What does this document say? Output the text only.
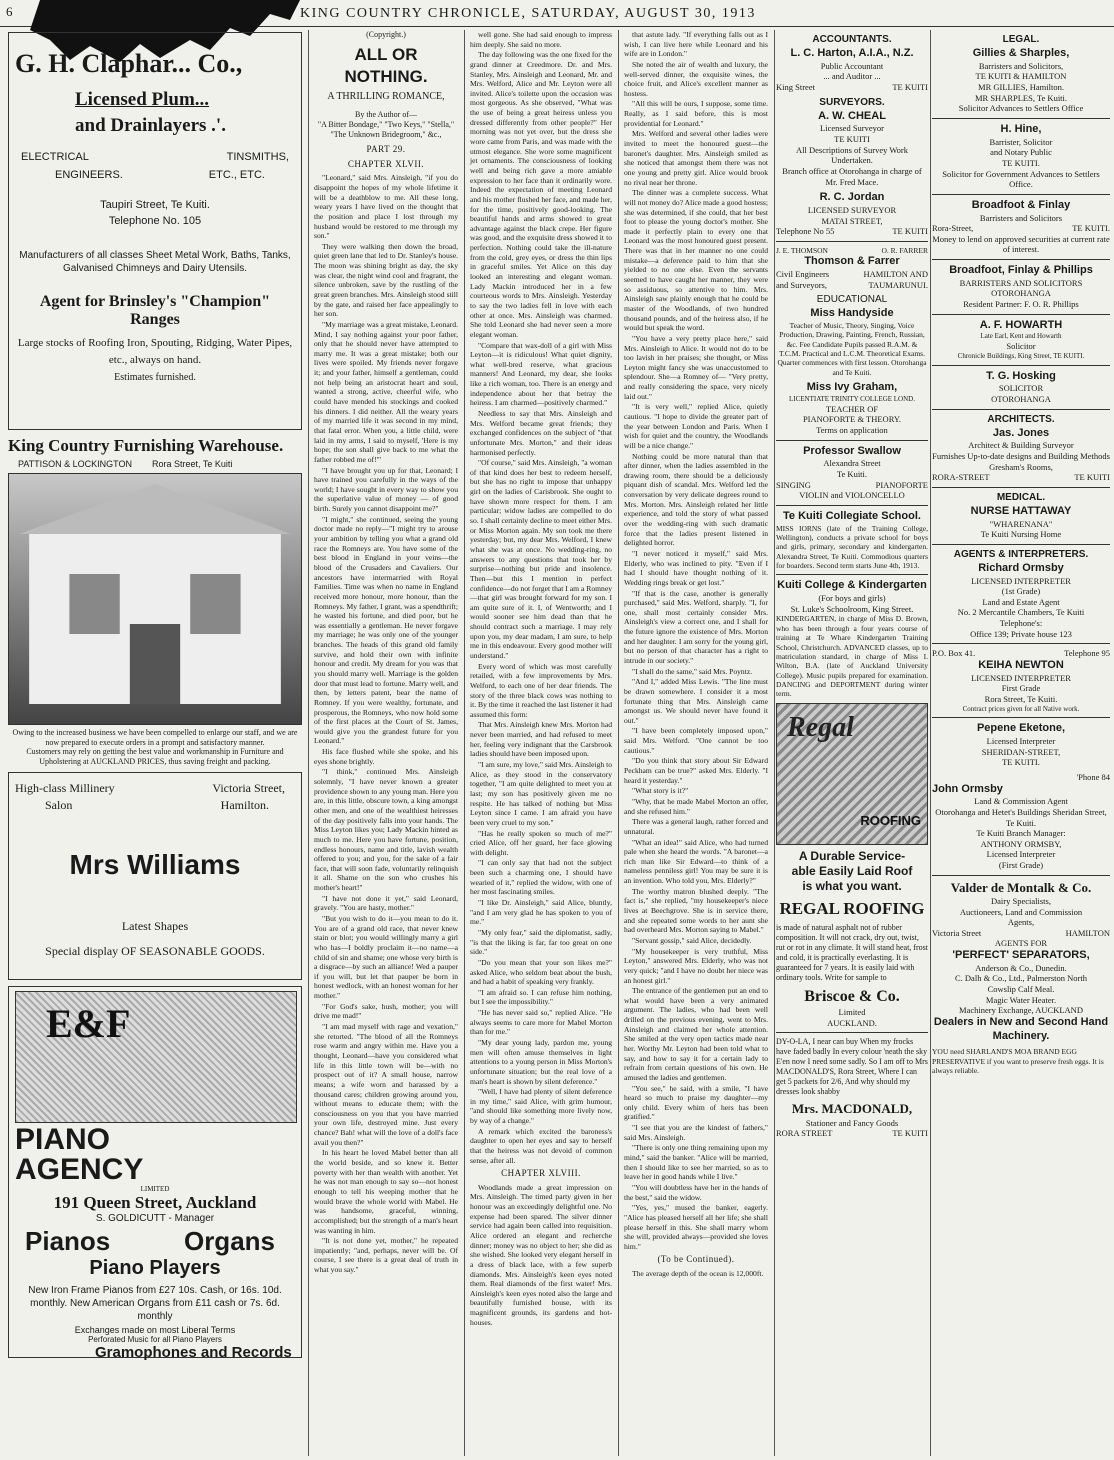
6	KING COUNTRY CHRONICLE, SATURDAY, AUGUST 30, 1913
G. H. Claphar... Co.,
Licensed Plum...
and Drainlayers .'.
ELECTRICAL	TINSMITHS,
ENGINEERS.	ETC., ETC.
Taupiri Street, Te Kuiti.
Telephone No. 105
Manufacturers of all classes Sheet Metal Work, Baths, Tanks, Galvanised Chimneys and Dairy Utensils.
Agent for Brinsley's "Champion" Ranges
Large stocks of Roofing Iron, Spouting, Ridging, Water Pipes, etc., always on hand.
Estimates furnished.
King Country Furnishing Warehouse.
PATTISON & LOCKINGTON Rora Street, Te Kuiti
Owing to the increased business we have been compelled to enlarge our staff, and we are now prepared to execute orders in a prompt and satisfactory manner.
Customers may rely on getting the best value and workmanship in Furniture and Upholstering at AUCKLAND PRICES, thus saving freight and packing.
High-class Millinery	Victoria Street,
Salon	Hamilton.
Mrs Williams
Latest Shapes
Special display OF SEASONABLE GOODS.
E&F
PIANO
AGENCY
LIMITED
191 Queen Street, Auckland
S. GOLDICUTT - Manager
Pianos	Organs
Piano Players
New Iron Frame Pianos from £27 10s. Cash, or 16s. 10d. monthly. New American Organs from £11 cash or 7s. 6d. monthly
Exchanges made on most Liberal Terms
Perforated Music for all Piano Players
Gramophones and Records
(Copyright.)
ALL OR NOTHING.
A THRILLING ROMANCE,
By the Author of—
"A Bitter Bondage," "Two Keys," "Stella," "The Unknown Bridegroom," &c.,
PART 29.
CHAPTER XLVII.

"Leonard," said Mrs. Ainsleigh, "if you do disappoint the hopes of my whole lifetime it will be a deathblow to me. All these long, weary years I have lived on the thought that the position and place I lost through my husband would be restored to me through my son."

They were walking then down the broad, quiet green lane that led to Dr. Stanley's house. The moon was shining bright as day, the sky was clear, the night wind cool and fragrant, the silence unbroken, save by the rustling of the great green branches. Mrs. Ainsleigh stood still by the gate, and raised her face appealingly to her son.

"My marriage was a great mistake, Leonard. Mind, I say nothing against your poor father, only that he should never have attempted to marry me. It was a great mistake; both our lives were spoiled. My friends never forgave it; and your father, himself a gentleman, could not help being an aristocrat heart and soul, wanted a strong, active, cheerful wife, who could have mended his stockings and cooked his dinners. I did neither. All the weary years of my married life it was second in my mind, that fatal error. When you, a little child, were laid in my arms, I said to myself, 'Here is my hope; the son shall give back to me what the father robbed me of!'"

"I have brought you up for that, Leonard; I have trained you carefully in the ways of the world; I have sought in every way to show you the superlative value of money — of good birth. Surely you cannot disappoint me?"

"I might," she continued, seeing the young doctor made no reply—"I might try to arouse your ambition by telling you what a grand old race the Romneys are. You have some of the best blood in England in your veins—the blood of the Crusaders and Cavaliers. Our ancestors have intermarried with Royal Families. Time was when no name in England received more honour, more honour, than the Romneys. My father, I grant, was a spendthrift; he wasted his fortune, and died poor, but he was essentially a gentleman. He never forgave my marriage; he was only one of the younger branches. The heads of this grand old family survive, and hold their own with infinite honour and credit. My dream for you was that you should marry well. Marriage is the golden door that must lead to fortune. Marry well, and then, by letters patent, bear the name of Romney. If you were wealthy, fortunate, and prosperous, the Romneys, who now hold some of the first places at the Court of St. James, would give you the grandest future for you Leonard."

His face flushed while she spoke, and his eyes shone brightly.

"I think," continued Mrs. Ainsleigh solemnly, "I have never known a greater providence shown to any young man. Here you are, in this little, obscure town, a king amongst other men, and one of the wealthiest heiresses of the day positively falls into your hands. The Miss Leyton likes you; Lady Mackin hinted as much to me. Here you have fortune, position, endless honours, name and title, lavish wealth offered to you; and you, for the sake of a fair face, that will soon fade, voluntarily relinquish it all. Shame on the son who crushes his mother's heart!"

"I have not done it yet," said Leonard, gravely. "You are hasty, mother."

"But you wish to do it—you mean to do it. You are of a grand old race, that never knew stain or blot; you would willingly marry a girl who has—I boldly proclaim it—no name—a child of sin and shame; one whose very birth is a disgrace—by such an alliance! Wed a pauper if you will, but let that pauper be born in honest wedlock, with an honest woman for her mother."

"For God's sake, hush, mother; you will drive me mad!"

"I am mad myself with rage and vexation," she retorted. "The blood of all the Romneys rose warm and angry within me. Have you a thought, Leonard—have you considered what life in this little town will be—with no prospect out of it? A small house, narrow means; a wife worn and harassed by a thousand cares; children growing around you, without means to educate them; with the consciousness on you that you have married your own life, destroyed mine. Just every chance? Bah! what will the love of a doll's face avail you then?"

In his heart he loved Mabel better than all the world beside, and so knew it. Better poverty with her than wealth with another. Yet he was not man enough to say so—not honest enough to tell his weeping mother that he would brave the whole world with Mabel. He was handsome, graceful, winning, accomplished; but the strength of a man's heart was wanting in him.

"It is not done yet, mother," he repeated impatiently; "and, perhaps, never will be. Of course, I see there is a great deal of truth in what you say."

well gone. She had said enough to impress him deeply. She said no more.

The day following was the one fixed for the grand dinner at Creedmore. Dr. and Mrs. Stanley, Mrs. Ainsleigh and Leonard, Mr. and Mrs. Welford, Alice and Mr. Leyton were all invited. Alice's toilette upon the occasion was most gorgeous. As she observed, "What was the use of being a great heiress unless you dressed differently from other people?" Her morning was not yet over, but the dress she wore came from Paris, and was made with the utmost elegance. She wore some magnificent jet ornaments. The consciousness of looking well and being rich gave a more amiable expression to her face than it ordinarily wore. Indeed the expectation of meeting Leonard and his mother flushed her face, and made her, for the time, positively good-looking. The beautiful hands and arms showed to great advantage against the black crepe. Her figure was good, and the exquisite dress showed it to perfection. Nothing could take the ill-nature from the cold, grey eyes, or dress the thin lips in graceful smiles. Yet Alice on this day looked an interesting and elegant woman. Lady Mackin introduced her in a few courteous words to Mrs. Ainsleigh. Yesterday to say the two ladies fell in love with each other at once. Mrs. Ainsleigh was charmed. She told Leonard she had never seen a more elegant woman.

"Compare that wax-doll of a girl with Miss Leyton—it is ridiculous! What quiet dignity, what well-bred reserve, what gracious manners! And Leonard, my dear, she looks like a rich woman, too. There is an energy and independence about her that betray the heiress. I am charmed—positively charmed."

Needless to say that Mrs. Ainsleigh and Mrs. Welford became great friends; they exchanged confidences on the subject of "that unfortunate Mrs. Morton," and their ideas harmonised perfectly.

"Of course," said Mrs. Ainsleigh, "a woman of that kind does her best to redeem herself, but she has no right to impose that unhappy girl on the ladies of Carisbrook. She ought to have shown more respect for them. I am particular; widow ladies are compelled to do so. I shall certainly decline to meet either Mrs. or Miss Morton again. My son took me there yesterday; but, my dear Mrs. Welford, I knew what she was at once. No wedding-ring, no answers to any questions that took her by surprise—nothing but pride and insolence. Then—but this I mention in perfect confidence—do not forget that I am a Romney—that girl was brought forward for my son. I am quite sure of it. I, of Wentworth; and I would sooner see him dead than that he should contract such a marriage. I may rely upon you, my dear madam, I am sure, to help me in this endeavour. Every good mother will understand."

Every word of which was most carefully retailed, with a few improvements by Mrs. Welford, to each one of her dear friends. The story of the three black cows was nothing to it. By the time it reached the last listener it had assumed this form:

That Mrs. Ainsleigh knew Mrs. Morton had never been married, and had refused to meet her, feeling very indignant that the Carsbrook ladies should have been imposed upon.

"I am sure, my love," said Mrs. Ainsleigh to Alice, as they stood in the conservatory together, "I am quite delighted to meet you at last; my son has positively given me no respite. He has talked of nothing but Miss Leyton since I came. I am afraid you have been very cruel to my son."

"Has he really spoken so much of me?" cried Alice, off her guard, her face glowing with delight.

"I can only say that had not the subject been such a charming one, I should have wearied of it," replied the widow, with one of her most fascinating smiles.

"I like Dr. Ainsleigh," said Alice, bluntly, "and I am very glad he has spoken to you of me."

"My only fear," said the diplomatist, sadly, "is that the liking is far, far too great on one side."

"Do you mean that your son likes me?" asked Alice, who seldom beat about the bush, and had a habit of speaking very frankly.

"I am afraid so. I can refuse him nothing, but I see the impossibility."

"He has never said so," replied Alice. "He always seems to care more for Mabel Morton than for me."

"My dear young lady, pardon me, young men will often amuse themselves in light attentions to a young person in Miss Morton's unfortunate situation; but the real love of a man's heart is shown by silent deference."

"Well, I have had plenty of silent deference in my time," said Alice, with grim humour, "and should like something more lively now, by way of a change."

A remark which excited the baroness's daughter to open her eyes and say to herself that the heiress was not devoid of common sense, after all.

CHAPTER XLVIII.

Woodlands made a great impression on Mrs. Ainsleigh. The timed party given in her honour was an exceedingly delightful one. No expense had been spared. The silver dinner service had again been called into requisition. Alice ordered an elegant and recherche dinner; money was no object to her; she did as she wished. She looked very elegant herself in a dress of black lace, with a few superb diamonds. Mrs. Ainsleigh's keen eyes noted them. Real diamonds of the first water! Mrs. Ainsleigh's keen eyes noted also the large and beautifully furnished house, with its magnificent grounds, its gardens and hot-houses.

that astute lady. "If everything falls out as I wish, I can live here while Leonard and his wife are in London."

She noted the air of wealth and luxury, the well-served dinner, the exquisite wines, the choice fruit, and Alice's excellent manner as hostess.

"All this will be ours, I suppose, some time. Really, as I said before, this is most providential for Leonard."

Mrs. Welford and several other ladies were invited to meet the honoured guest—the baronet's daughter. Mrs. Ainsleigh smiled as she noticed that amongst them there was not one young and pretty girl. Alice would brook no rival near her throne.

The dinner was a complete success. What will not money do? Alice made a good hostess; she was determined, if she could, that her best foot to please the young doctor's mother. She made it perfectly plain to every one that Leonard was the most honoured guest present. There was that in her manner no one could mistake—a deference paid to him that she yielded to no one else. Even the servants seemed to have caught her manner, they were so assiduous, so attentive to him. Mrs. Ainsleigh saw plainly enough that he could be master of the Woodlands, of two hundred thousand pounds, and of the heiress also, if he would but speak the word.

"You have a very pretty place here," said Mrs. Ainsleigh to Alice. It would not do to be too lavish in her praises; she thought, or Miss Leyton might fancy she was unaccustomed to splendour. She—a Romney of— "Very pretty, and really considering the space, very nicely laid out."

"It is very well," replied Alice, quietly cautious. "I hope to divide the greater part of the year between London and Paris. When I wish for quiet and the country, the Woodlands will be a nice change."

Nothing could be more natural than that after dinner, when the ladies assembled in the drawing room, there should be a deliciously piquant dish of scandal. Mrs. Welford led the conversation by very delicate degrees round to Mrs. Morton. Mrs. Ainsleigh related her little experience, and told the story of what passed over the wedding-ring with such dramatic force that the ladies present listened in delighted horror.

"I never noticed it myself," said Mrs. Elderly, who was inclined to pity. "Even if I had I should have thought nothing of it. Wedding rings break or get lost."

"If that is the case, another is generally purchased," said Mrs. Welford, sharply. "I, for one, shall most certainly consider Mrs. Ainsleigh's view a correct one, and I shall for the future ignore the existence of Mrs. Morton and her daughter. I am sorry for the young girl, but no person of that character has a right to intrude in our society."

"I shall do the same," said Mrs. Poyntz.

"And I," added Miss Lewis. "The line must be drawn somewhere. I consider it a most fortunate thing that Mrs. Ainsleigh came amongst us. We should never have found it out."

"I have been completely imposed upon," said Mrs. Welford. "One cannot be too cautious."

"Do you think that story about Sir Edward Peckham can be true?" asked Mrs. Elderly. "I heard it yesterday."

"What story is it?"

"Why, that he made Mabel Morton an offer, and she refused him."

There was a general laugh, rather forced and unnatural.

"What an idea!" said Alice, who had turned pale when she heard the words. "A baronet—a rich man like Sir Edward—to think of a nameless penniless girl! You may be sure it is an invention. Who told you, Mrs. Elderly?"

The worthy matron blushed deeply. "The fact is," she replied, "my housekeeper's niece lives at Beechgrove. She is in service there, and she repeated some words to her aunt she had overheard Mrs. Morton saying to Mabel."

"Servant gossip," said Alice, decidedly.

"My housekeeper is very truthful, Miss Leyton," answered Mrs. Elderly, who was not very quick; "and I have no doubt her niece was an honest girl."

The entrance of the gentlemen put an end to what would have been a very animated argument. The ladies, who had been well drilled on the previous evening, went to Mrs. Ainsleigh and claimed her whole attention. She smiled at the very open tactics made near her. Worthy Mr. Leyton had been told what to say, and how to say it for a certain lady to refrain from certain questions of his own. He amused the ladies and gentlemen.

"You see," he said, with a smile, "I have heard so much to praise my daughter—my only child. Every whim of hers has been gratified."

"I see that you are the kindest of fathers," said Mrs. Ainsleigh.

"There is only one thing remaining upon my mind," said the banker. "Alice will be married, then I should like to see her married, so as to leave her in good hands while I live."

"You will doubtless have her in the hands of the best," said the widow.

"Yes, yes," mused the banker, eagerly. "Alice has pleased herself all her life; she shall please herself in this. She shall marry whom she will, provided always—provided she loves him."

(To be Continued).

The average depth of the ocean is 12,000ft.

ACCOUNTANTS.
L. C. Harton, A.I.A., N.Z.
Public Accountant
... and Auditor ...
King Street	TE KUITI
SURVEYORS.
A. W. CHEAL
Licensed Surveyor
TE KUITI
All Descriptions of Survey Work Undertaken.
Branch office at Otorohanga in charge of Mr. Fred Mace.
R. C. Jordan
LICENSED SURVEYOR
MATAI STREET,
Telephone No 55	TE KUITI
J. E. THOMSON	O. R. FARRER
Thomson & Farrer
Civil Engineers	HAMILTON AND
and Surveyors,	TAUMARUNUI.
EDUCATIONAL
Miss Handyside
Teacher of Music, Theory, Singing, Voice Production, Drawing, Painting, French, Russian, &c. Fee Candidate Pupils passed R.A.M. & T.C.M. Practical and L.C.M. Theoretical Exams. Quarter commences with first lesson. Otorohanga and Te Kuiti.
Miss Ivy Graham,
LICENTIATE TRINITY COLLEGE LOND.
TEACHER OF
PIANOFORTE & THEORY.
Terms on application
Professor Swallow
Alexandra Street
Te Kuiti.
SINGING	PIANOFORTE
VIOLIN and VIOLONCELLO
Te Kuiti Collegiate School.
MISS IORNS (late of the Training College, Wellington), conducts a private school for boys and girls, primary, secondary and kindergarten. Alexandra Street, Te Kuiti. Commodious quarters for boarders. Second term starts June 4th, 1913.
Kuiti College & Kindergarten
(For boys and girls)
St. Luke's Schoolroom, King Street.
KINDERGARTEN, in charge of Miss D. Brown, who has been through a four years course of training at Te Whare Kindergarten Training School, Christchurch. ADVANCED classes, up to matriculation standard, in charge of Miss I. Wilton, B.A. (late of Auckland University College). Music pupils prepared for examination. DANCING and DEPORTMENT during winter term.
Regal
ROOFING
A Durable Service-
able Easily Laid Roof
is what you want.
REGAL ROOFING
is made of natural asphalt not of rubber composition. It will not crack, dry out, twist, rut or rot in any climate. It will stand heat, frost and cold, it is practically everlasting. It is guaranteed for 7 years. It is easily laid with ordinary tools. Write for sample to
Briscoe & Co.
Limited
AUCKLAND.
DY-O-LA, I near can buy When my frocks have faded badly In every colour 'neath the sky E'en now I need some sadly. So I am off to Mrs MACDONALD'S, Rora Street, Where I can get 5 packets for 2/6, And why should my dresses look shabby
Mrs. MACDONALD,
Stationer and Fancy Goods
RORA STREET	TE KUITI
LEGAL.
Gillies & Sharples,
Barristers and Solicitors,
TE KUITI & HAMILTON
MR GILLIES, Hamilton.
MR SHARPLES, Te Kuiti.
Solicitor Advances to Settlers Office
H. Hine,
Barrister, Solicitor
and Notary Public
TE KUITI.
Solicitor for Government Advances to Settlers Office.
Broadfoot & Finlay
Barristers and Solicitors
Rora-Street,	TE KUITI.
Money to lend on approved securities at current rate of interest.
Broadfoot, Finlay & Phillips
BARRISTERS AND SOLICITORS
OTOROHANGA
Resident Partner: F. O. R. Phillips
A. F. HOWARTH
Late Earl, Kent and Howarth
Solicitor
Chronicle Buildings, King Street, TE KUITI.
T. G. Hosking
SOLICITOR
OTOROHANGA
ARCHITECTS.
Jas. Jones
Architect & Building Surveyor
Furnishes Up-to-date designs and Building Methods
Gresham's Rooms,
RORA-STREET	TE KUITI
MEDICAL.
NURSE HATTAWAY
"WHARENANA"
Te Kuiti Nursing Home
AGENTS & INTERPRETERS.
Richard Ormsby
LICENSED INTERPRETER
(1st Grade)
Land and Estate Agent
No. 2 Mercantile Chambers, Te Kuiti
Telephone's:
Office 139; Private house 123
P.O. Box 41.	Telephone 95
KEIHA NEWTON
LICENSED INTERPRETER
First Grade
Rora Street, Te Kuiti.
Contract prices given for all Native work.
Pepene Eketone,
Licensed Interpreter
SHERIDAN-STREET,
TE KUITI.
'Phone 84
John Ormsby
Land & Commission Agent
Otorohanga and Hetet's Buildings Sheridan Street, Te Kuiti.
Te Kuiti Branch Manager:
ANTHONY ORMSBY,
Licensed Interpreter
(First Grade)
Valder de Montalk & Co.
Dairy Specialists,
Auctioneers, Land and Commission
Agents,
Victoria Street	HAMILTON
AGENTS FOR
'PERFECT' SEPARATORS,
Anderson & Co., Dunedin.
C. Dalh & Co., Ltd., Palmerston North
Cowslip Calf Meal.
Magic Water Heater.
Machinery Exchange, AUCKLAND
Dealers in New and Second Hand Machinery.
YOU need SHARLAND'S MOA BRAND EGG PRESERVATIVE if you want to preserve fresh eggs. It is always reliable.
